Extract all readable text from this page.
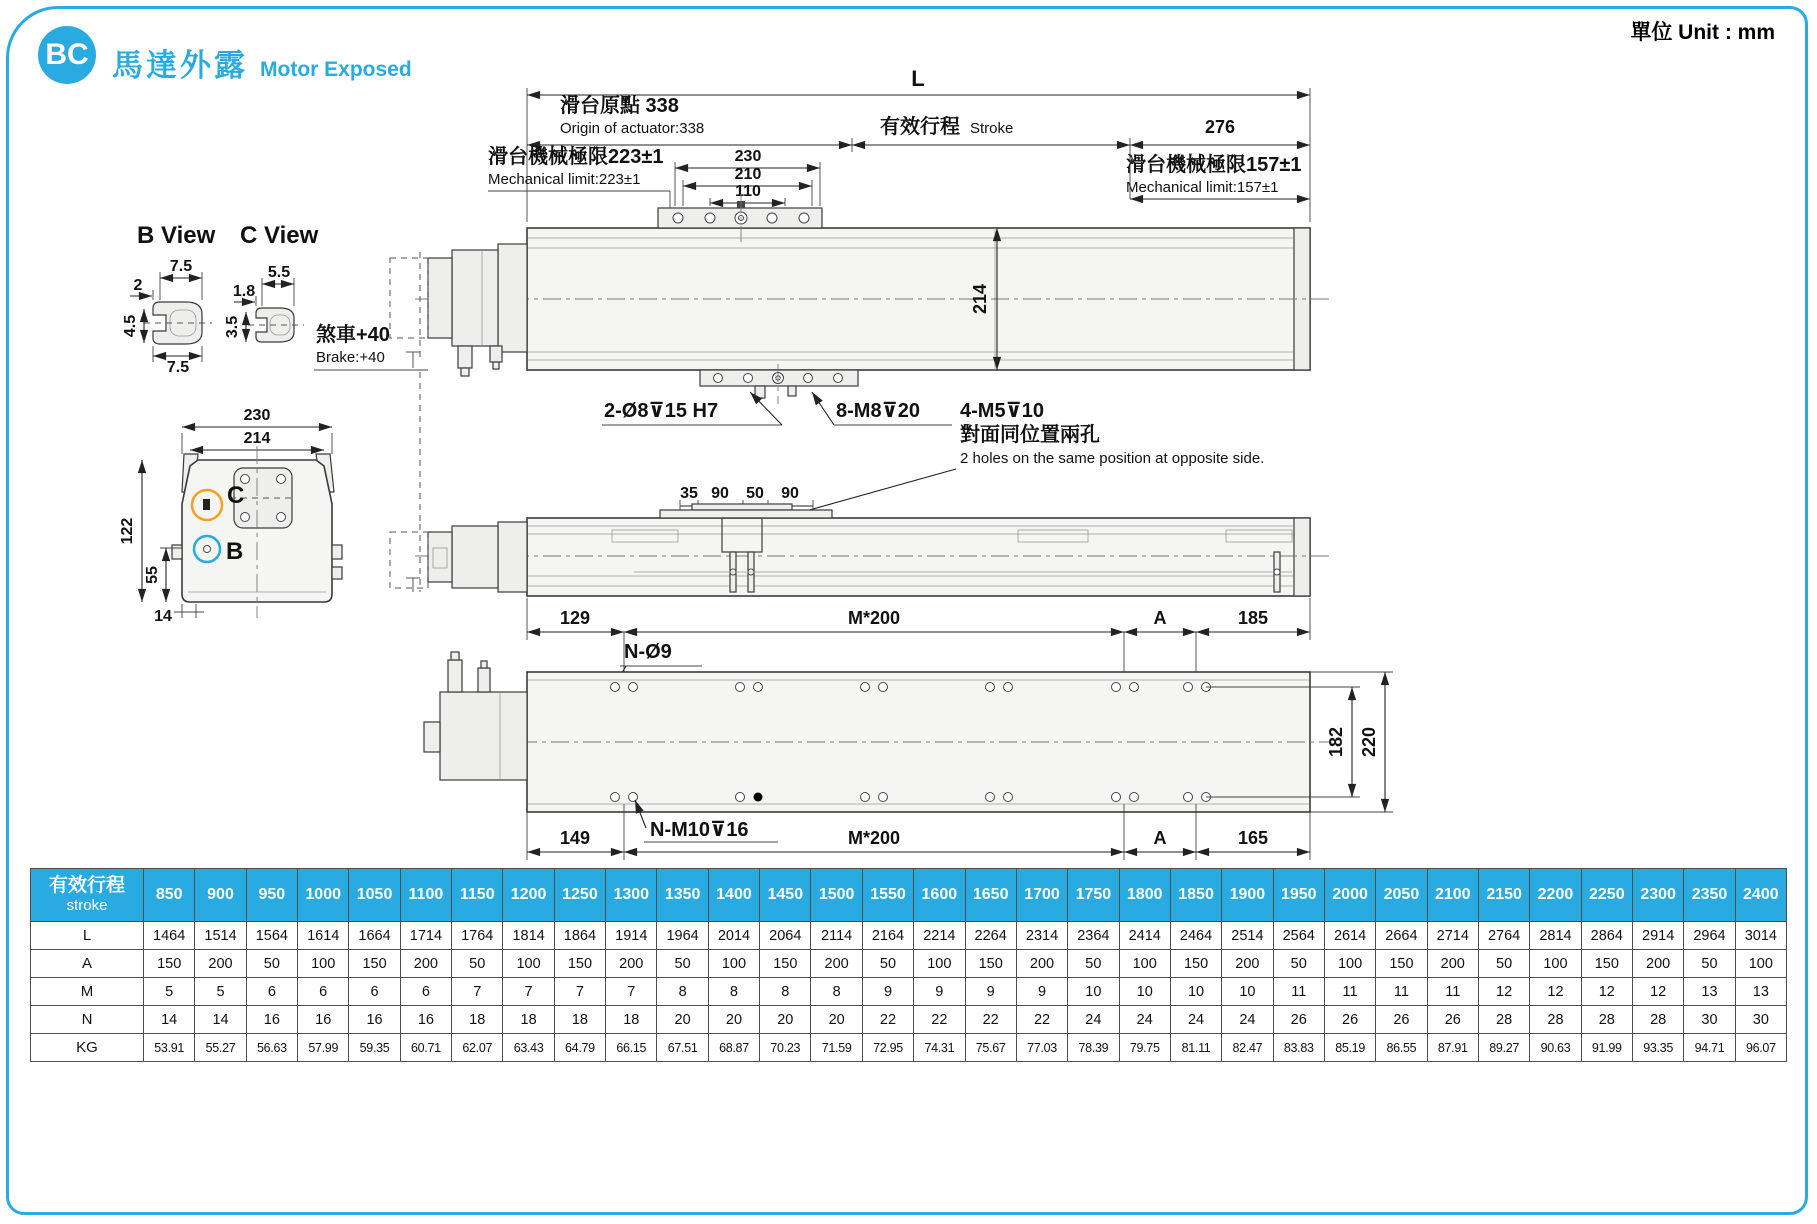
BC 馬達外露 Motor Exposed
單位 Unit : mm
L
滑台原點 338
Origin of actuator:338	有效行程 Stroke	276
滑台機械極限223±1
Mechanical limit:223±1
230
210
110
滑台機械極限157±1
Mechanical limit:157±1
214
煞車+40
Brake:+40
2-Ø8⊽15 H7	8-M8⊽20 4-M5⊽10
對面同位置兩孔
2 holes on the same position at opposite side.
35 90 50 90
129	M*200	A	185
N-Ø9
182 220
149	M*200	A	165
N-M10⊽16
B View C View
7.5
2
4.5
7.5
5.5
1.8
3.5
230
214
122
55
14
C
B
有效行程
stroke	850	900	950	1000	1050	1100	1150	1200	1250	1300	1350	1400	1450	1500	1550	1600	1650	1700	1750	1800	1850	1900	1950	2000	2050	2100	2150	2200	2250	2300	2350	2400
L	1464	1514	1564	1614	1664	1714	1764	1814	1864	1914	1964	2014	2064	2114	2164	2214	2264	2314	2364	2414	2464	2514	2564	2614	2664	2714	2764	2814	2864	2914	2964	3014
A	150	200	50	100	150	200	50	100	150	200	50	100	150	200	50	100	150	200	50	100	150	200	50	100	150	200	50	100	150	200	50	100
M	5	5	6	6	6	6	7	7	7	7	8	8	8	8	9	9	9	9	10	10	10	10	11	11	11	11	12	12	12	12	13	13
N	14	14	16	16	16	16	18	18	18	18	20	20	20	20	22	22	22	22	24	24	24	24	26	26	26	26	28	28	28	28	30	30
KG	53.91	55.27	56.63	57.99	59.35	60.71	62.07	63.43	64.79	66.15	67.51	68.87	70.23	71.59	72.95	74.31	75.67	77.03	78.39	79.75	81.11	82.47	83.83	85.19	86.55	87.91	89.27	90.63	91.99	93.35	94.71	96.07
